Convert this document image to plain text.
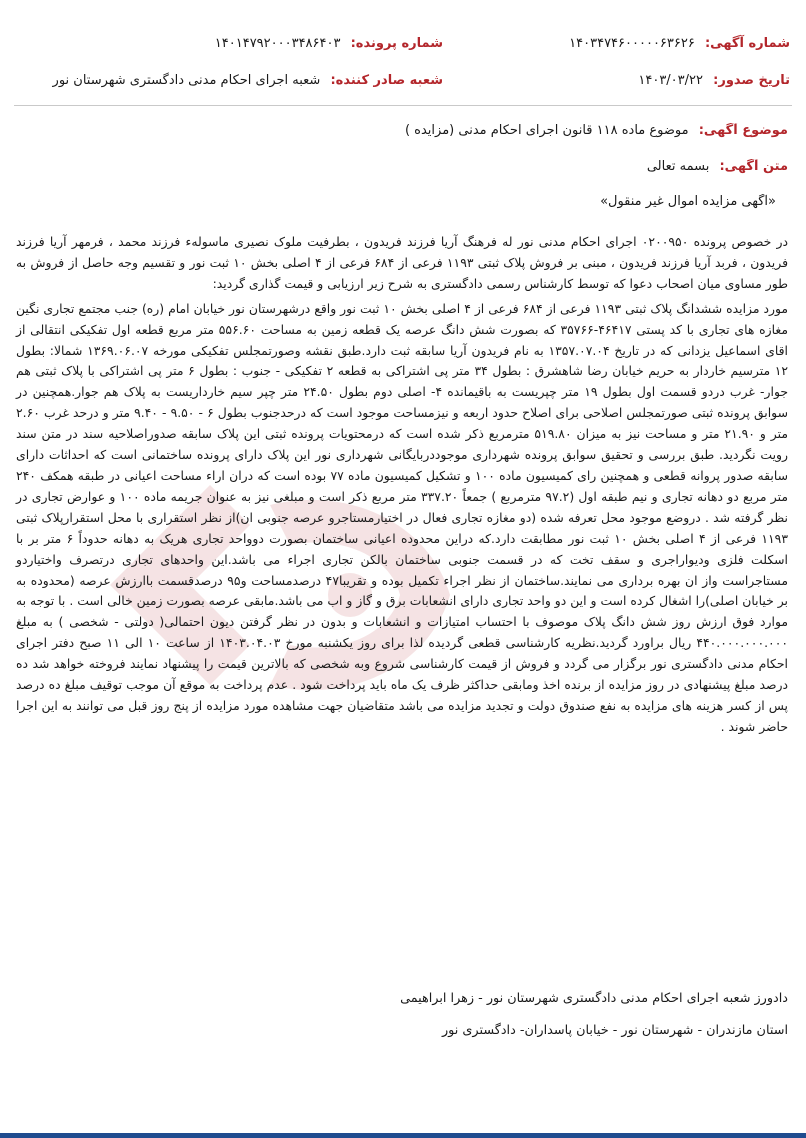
شماره آگهی: ۱۴۰۳۴۷۴۶۰۰۰۰۰۶۳۶۲۶
شماره پرونده: ۱۴۰۱۴۷۹۲۰۰۰۳۴۸۶۴۰۳
تاریخ صدور: ۱۴۰۳/۰۳/۲۲
شعبه صادر کننده: شعبه اجرای احکام مدنی دادگستری شهرستان نور
موضوع آگهی: موضوع ماده ۱۱۸ قانون اجرای احکام مدنی (مزایده )
متن آگهی: بسمه تعالی
«آگهی مزایده اموال غیر منقول»

در خصوص پرونده ۰۲۰۰۹۵۰ اجرای احکام مدنی نور له فرهنگ آریا فرزند فریدون ، بطرفیت ملوک نصیری ماسوله‌ء فرزند محمد ، فرمهر آریا فرزند فریدون ، فربد آریا فرزند فریدون ، مبنی بر فروش پلاک ثبتی ۱۱۹۳ فرعی از ۶۸۴ فرعی از ۴ اصلی بخش ۱۰ ثبت نور و تقسیم وجه حاصل از فروش به طور مساوی میان اصحاب دعوا که توسط کارشناس رسمی دادگستری به شرح زیر ارزیابی و قیمت گذاری گردید:

مورد مزایده ششدانگ پلاک ثبتی ۱۱۹۳ فرعی از ۶۸۴ فرعی از ۴ اصلی بخش ۱۰ ثبت نور واقع درشهرستان نور خیابان امام (ره) جنب مجتمع تجاری نگین مغازه های تجاری با کد پستی ۴۶۴۱۷-۳۵۷۶۶ که بصورت شش دانگ عرصه یک قطعه زمین به مساحت ۵۵۶.۶۰ متر مربع قطعه اول تفکیکی انتقالی از اقای اسماعیل یزدانی که در تاریخ ۱۳۵۷.۰۷.۰۴ به نام فریدون آریا سابقه ثبت دارد.طبق نقشه وصورتمجلس تفکیکی مورخه ۱۳۶۹.۰۶.۰۷ شمالا: بطول ۱۲ مترسیم خاردار به حریم خیابان رضا شاهشرق : بطول ۳۴ متر پی اشتراکی به قطعه ۲ تفکیکی - جنوب : بطول ۶ متر پی اشتراکی با پلاک ثبتی هم جوار- غرب دردو قسمت اول بطول ۱۹ متر چپریست به باقیمانده ۴- اصلی دوم بطول ۲۴.۵۰ متر چپر سیم خارداریست به پلاک هم جوار.همچنین در سوابق پرونده ثبتی صورتمجلس اصلاحی برای اصلاح حدود اربعه و نیزمساحت موجود است که درحدجنوب بطول ۶ - ۹.۵۰ - ۹.۴۰ متر و درحد غرب ۲.۶۰ متر و ۲۱.۹۰ متر و مساحت نیز به میزان ۵۱۹.۸۰ مترمربع ذکر شده است که درمحتویات پرونده ثبتی این پلاک سابقه صدوراصلاحیه سند در متن سند رویت نگردید. طبق بررسی و تحقیق سوابق پرونده شهرداری موجوددربایگانی شهرداری نور این پلاک دارای پرونده ساختمانی است که احداثات دارای سابقه صدور پروانه قطعی و همچنین رای کمیسیون ماده ۱۰۰ و تشکیل کمیسیون ماده ۷۷ بوده است که دران اراء مساحت اعیانی در طبقه همکف ۲۴۰ متر مربع دو دهانه تجاری و نیم طبقه اول (۹۷.۲ مترمربع ) جمعاً ۳۳۷.۲۰ متر مربع ذکر است و مبلغی نیز به عنوان جریمه ماده ۱۰۰ و عوارض تجاری در نظر گرفته شد . دروضع موجود محل تعرفه شده (دو مغازه تجاری فعال در اختیارمستاجرو عرصه جنوبی ان)از نظر استقراری با محل استقرارپلاک ثبتی ۱۱۹۳ فرعی از ۴ اصلی بخش ۱۰ ثبت نور مطابقت دارد.که دراین محدوده اعیانی ساختمان بصورت دوواحد تجاری هریک به دهانه حدوداً ۶ متر بر با اسکلت فلزی ودیواراجری و سقف تخت که در قسمت جنوبی ساختمان بالکن تجاری اجراء می باشد.این واحدهای تجاری درتصرف واختیاردو مستاجراست واز ان بهره برداری می نمایند.ساختمان از نظر اجراء تکمیل بوده و تقریبا۴۷ درصدمساحت و۹۵ درصدقسمت باارزش عرصه (محدوده به بر خیابان اصلی)را اشغال کرده است و این دو واحد تجاری دارای انشعابات برق و گاز و اب می باشد.مابقی عرصه بصورت زمین خالی است . با توجه به موارد فوق ارزش روز شش دانگ پلاک موصوف با احتساب امتیازات و انشعابات و بدون در نظر گرفتن دیون احتمالی( دولتی - شخصی ) به مبلغ ۴۴۰.۰۰۰.۰۰۰.۰۰۰ ریال براورد گردید.نظریه کارشناسی قطعی گردیده لذا برای روز یکشنبه مورخ ۱۴۰۳.۰۴.۰۳ از ساعت ۱۰ الی ۱۱ صبح دفتر اجرای احکام مدنی دادگستری نور برگزار می گردد و فروش از قیمت کارشناسی شروع وبه شخصی که بالاترین قیمت را پیشنهاد نمایند فروخته خواهد شد ده درصد مبلغ پیشنهادی در روز مزایده از برنده اخذ ومابقی حداکثر ظرف یک ماه باید پرداخت شود . عدم پرداخت به موقع آن موجب توقیف مبلغ ده درصد پس از کسر هزینه های مزایده به نفع صندوق دولت و تجدید مزایده می باشد متقاضیان جهت مشاهده مورد مزایده از پنج روز قبل می توانند به این اجرا حاضر شوند .

دادورز شعبه اجرای احکام مدنی دادگستری شهرستان نور - زهرا ابراهیمی
استان مازندران - شهرستان نور - خیابان پاسداران- دادگستری نور
